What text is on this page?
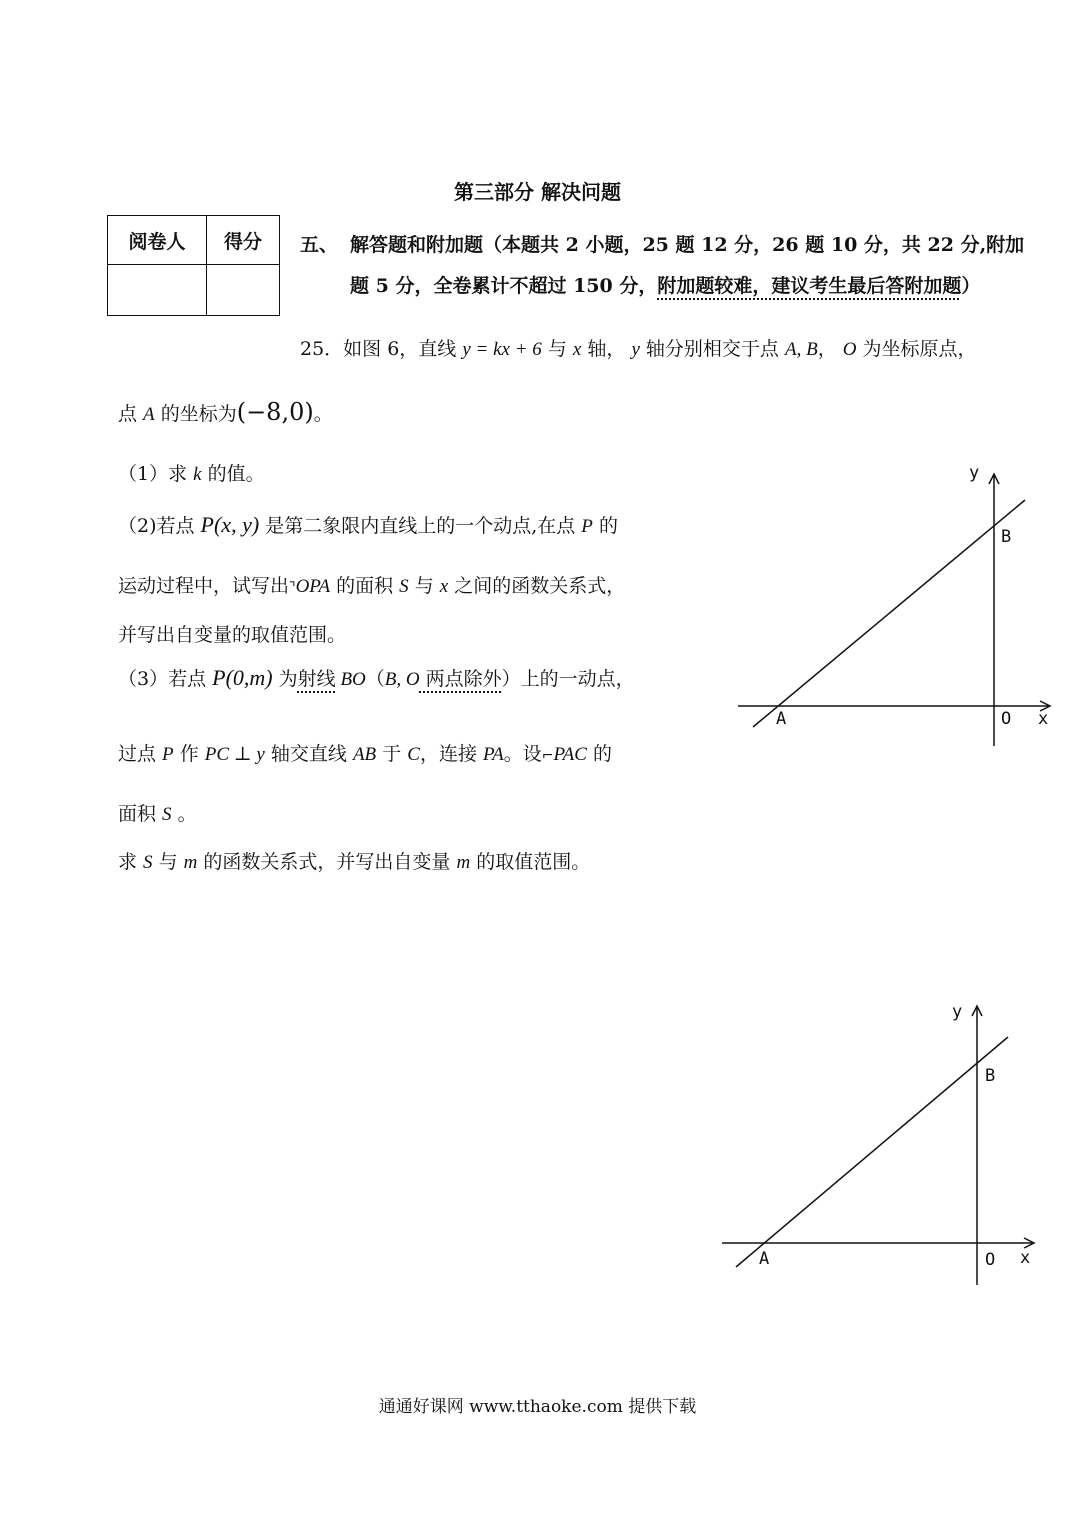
第三部分 解决问题
阅卷人	得分
	五、 解答题和附加题（本题共 2 小题，25 题 12 分，26 题 10 分，共 22 分,附加
题 5 分，全卷累计不超过 150 分，附加题较难，建议考生最后答附加题）
25．如图 6，直线 y = kx + 6 与 x 轴， y 轴分别相交于点 A, B， O 为坐标原点，
点 A 的坐标为(−8,0)。
（1）求 k 的值。
（2)若点 P(x, y) 是第二象限内直线上的一个动点,在点 P 的
运动过程中，试写出⌝OPA 的面积 S 与 x 之间的函数关系式，
并写出自变量的取值范围。
（3）若点 P(0,m) 为射线 BO（B, O 两点除外）上的一动点，
过点 P 作 PC ⊥ y 轴交直线 AB 于 C，连接 PA。设⌐PAC 的
面积 S 。
求 S 与 m 的函数关系式，并写出自变量 m 的取值范围。
y
B
A	O x
y
B
A	O x
通通好课网 www.tthaoke.com 提供下载
